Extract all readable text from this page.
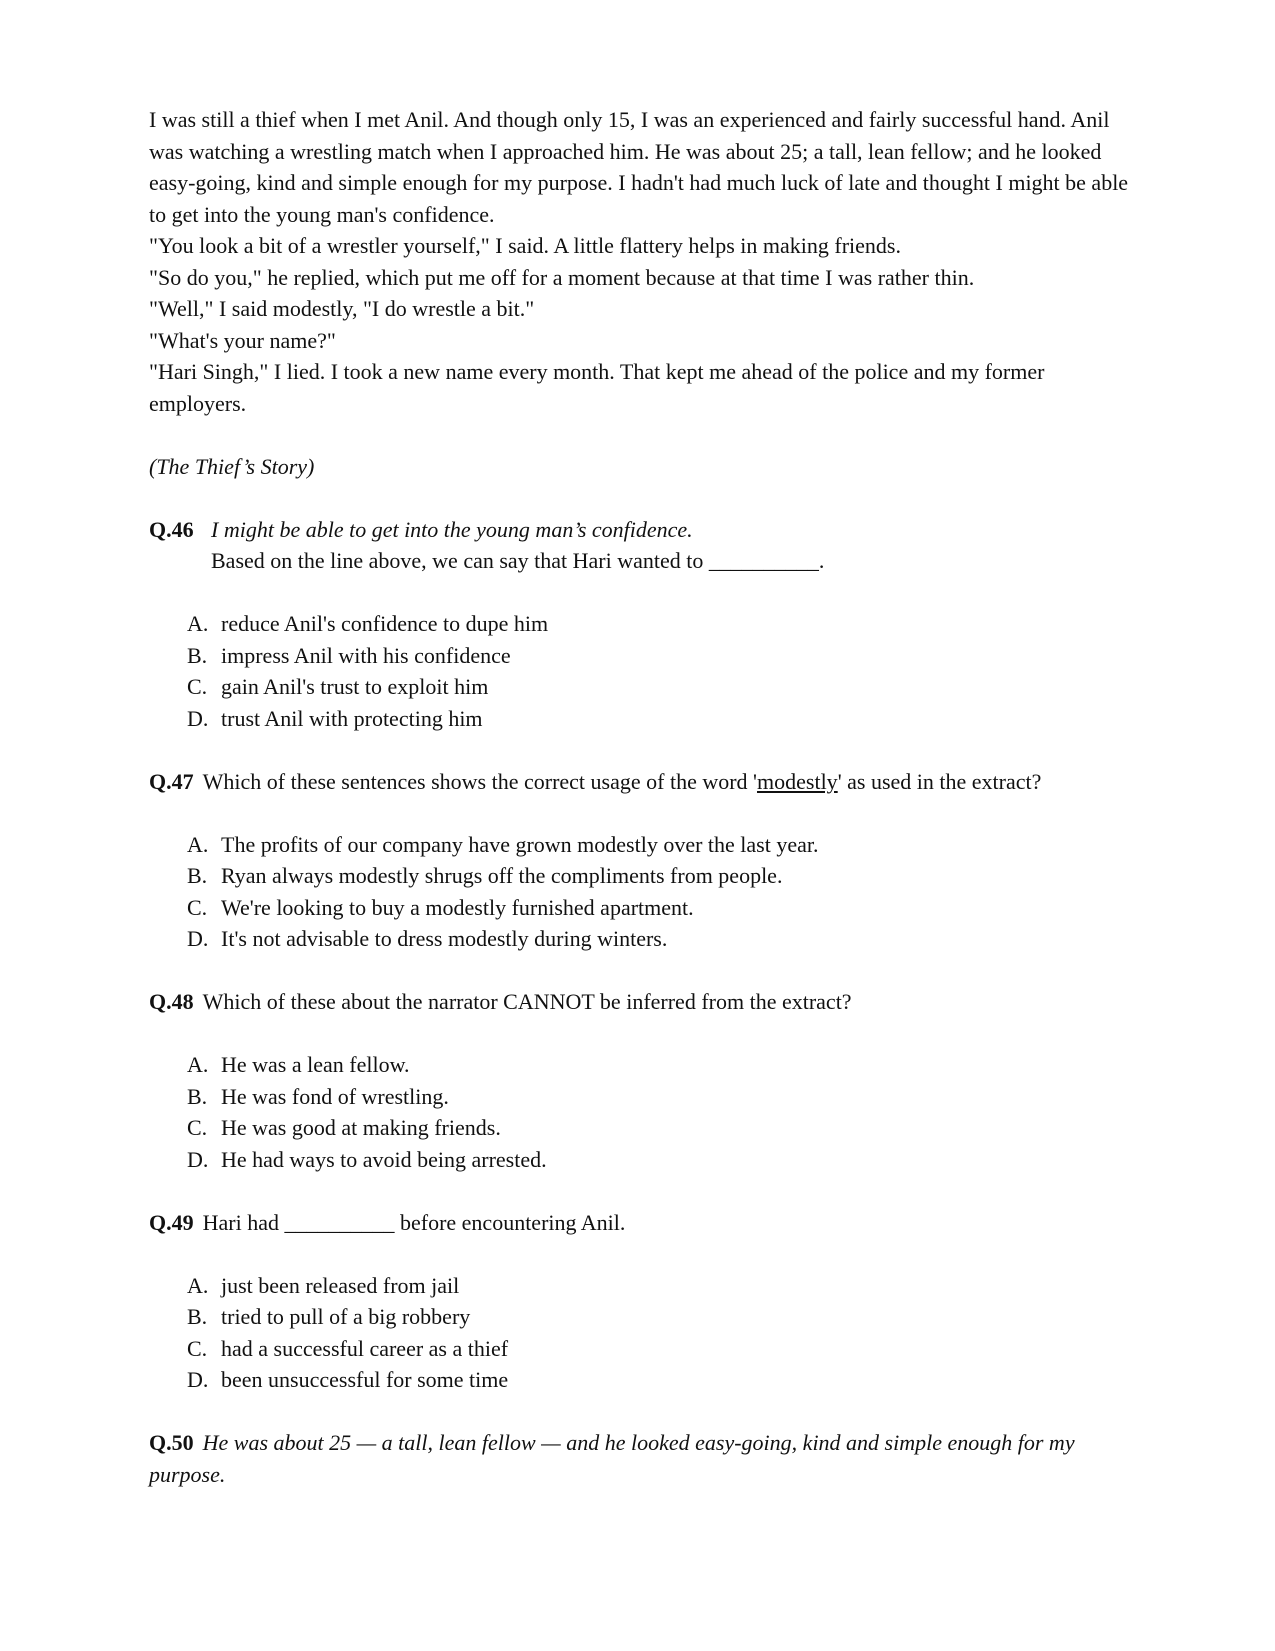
I was still a thief when I met Anil. And though only 15, I was an experienced and fairly successful hand. Anil was watching a wrestling match when I approached him. He was about 25; a tall, lean fellow; and he looked easy-going, kind and simple enough for my purpose. I hadn't had much luck of late and thought I might be able to get into the young man's confidence.

"You look a bit of a wrestler yourself," I said. A little flattery helps in making friends.

"So do you," he replied, which put me off for a moment because at that time I was rather thin.

"Well," I said modestly, "I do wrestle a bit."

"What's your name?"

"Hari Singh," I lied. I took a new name every month. That kept me ahead of the police and my former employers.

(The Thief’s Story)

Q.46 I might be able to get into the young man’s confidence.
Based on the line above, we can say that Hari wanted to __________.
A. reduce Anil's confidence to dupe him
B. impress Anil with his confidence
C. gain Anil's trust to exploit him
D. trust Anil with protecting him
Q.47 Which of these sentences shows the correct usage of the word 'modestly' as used in the extract?
A. The profits of our company have grown modestly over the last year.
B. Ryan always modestly shrugs off the compliments from people.
C. We're looking to buy a modestly furnished apartment.
D. It's not advisable to dress modestly during winters.
Q.48 Which of these about the narrator CANNOT be inferred from the extract?
A. He was a lean fellow.
B. He was fond of wrestling.
C. He was good at making friends.
D. He had ways to avoid being arrested.
Q.49 Hari had __________ before encountering Anil.
A. just been released from jail
B. tried to pull of a big robbery
C. had a successful career as a thief
D. been unsuccessful for some time
Q.50 He was about 25 — a tall, lean fellow — and he looked easy-going, kind and simple enough for my purpose.
